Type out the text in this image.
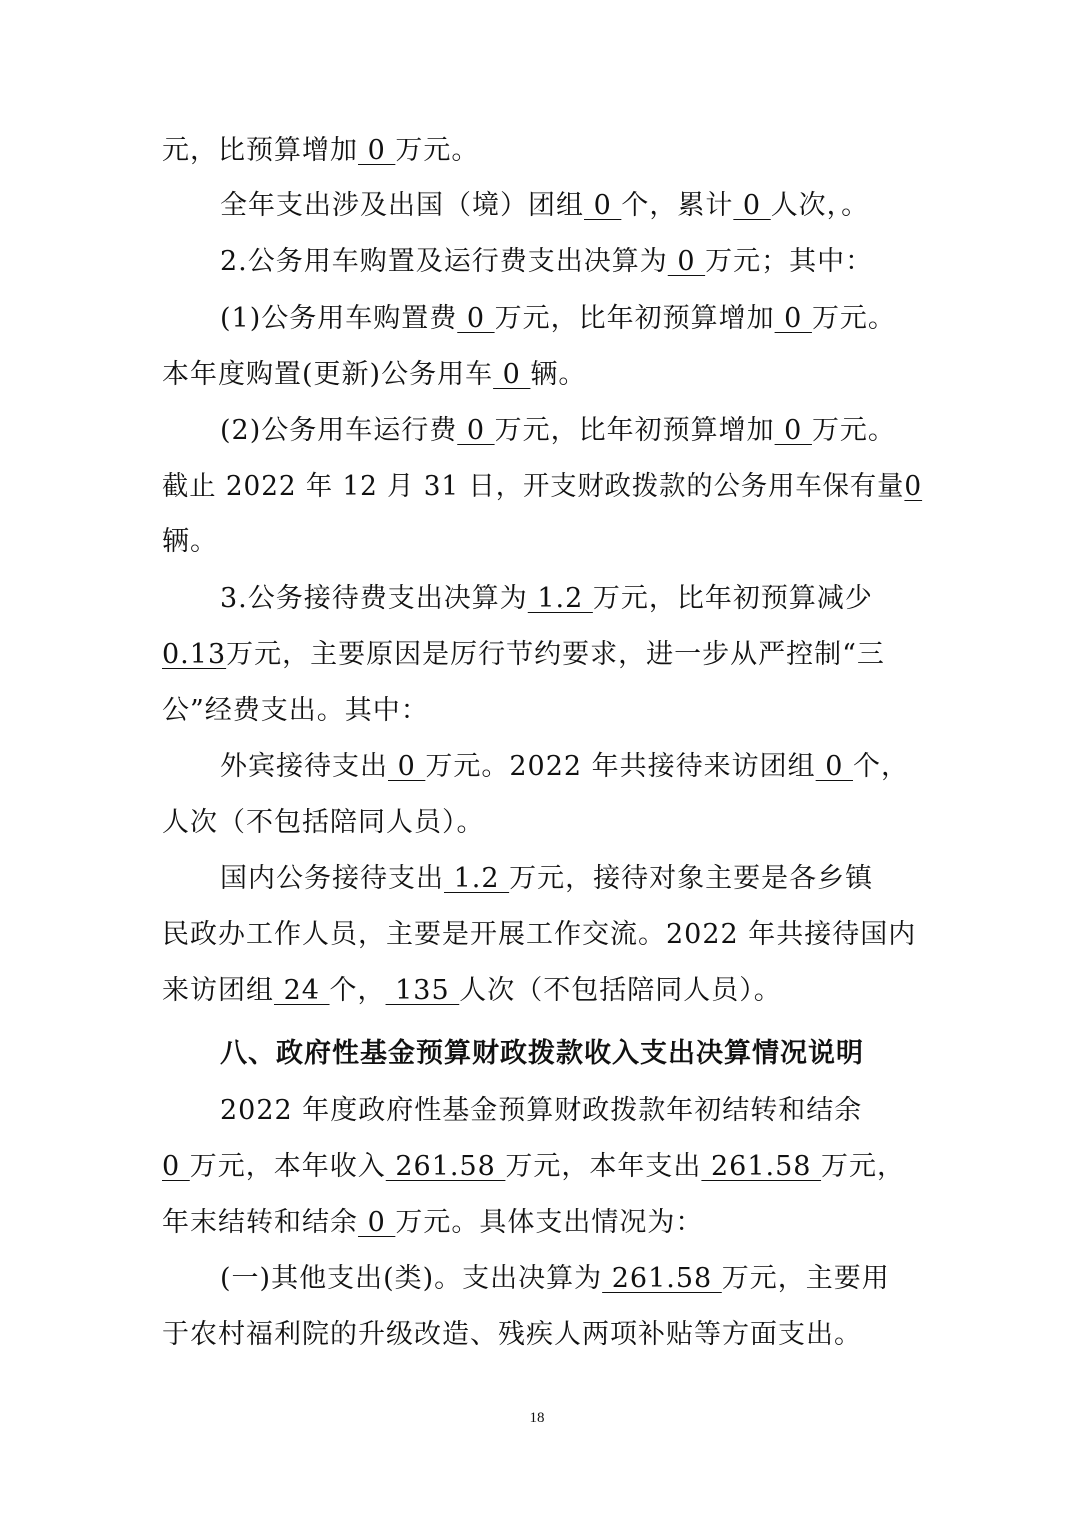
元，比预算增加 0 万元。
全年支出涉及出国（境）团组 0 个，累计 0 人次，。
2.公务用车购置及运行费支出决算为 0 万元；其中：
(1)公务用车购置费 0 万元，比年初预算增加 0 万元。
本年度购置(更新)公务用车 0 辆。
(2)公务用车运行费 0 万元，比年初预算增加 0 万元。
截止 2022 年 12 月 31 日，开支财政拨款的公务用车保有量0
辆。
3.公务接待费支出决算为 1.2 万元，比年初预算减少
0.13万元，主要原因是厉行节约要求，进一步从严控制“三
公”经费支出。其中：
外宾接待支出 0 万元。2022 年共接待来访团组 0 个，
人次（不包括陪同人员）。
国内公务接待支出 1.2 万元，接待对象主要是各乡镇
民政办工作人员，主要是开展工作交流。2022 年共接待国内
来访团组 24 个， 135 人次（不包括陪同人员）。
八、政府性基金预算财政拨款收入支出决算情况说明
2022 年度政府性基金预算财政拨款年初结转和结余
0 万元，本年收入 261.58 万元，本年支出 261.58 万元，
年末结转和结余 0 万元。具体支出情况为：
(一)其他支出(类)。支出决算为 261.58 万元，主要用
于农村福利院的升级改造、残疾人两项补贴等方面支出。
18
